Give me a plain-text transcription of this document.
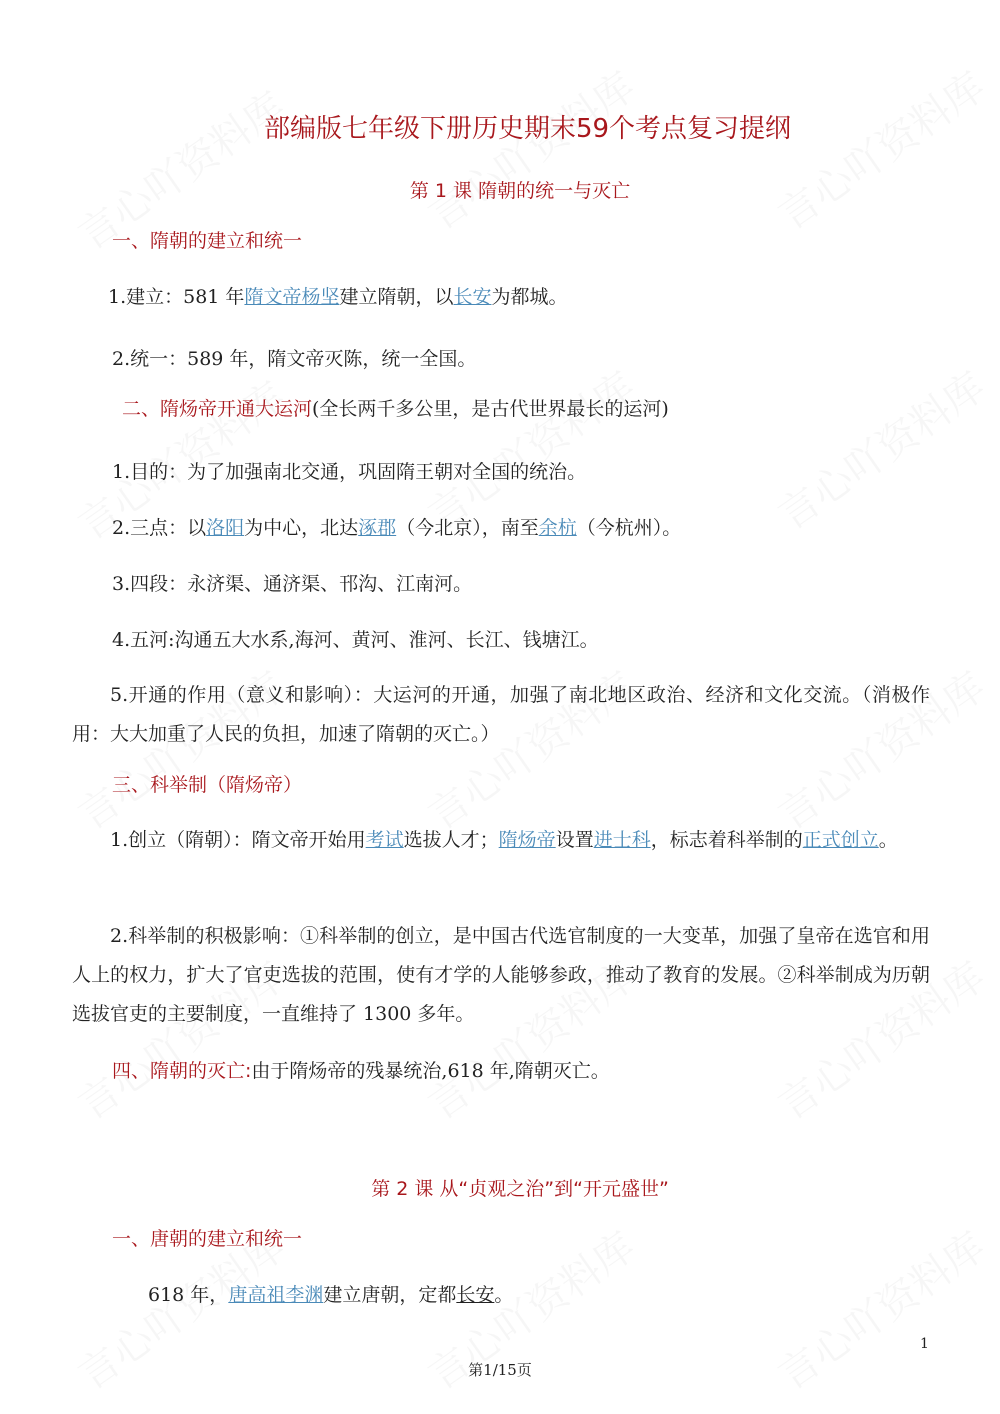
部编版七年级下册历史期末59个考点复习提纲
第 1 课 隋朝的统一与灭亡
一、隋朝的建立和统一
1.建立：581 年隋文帝杨坚建立隋朝，以长安为都城。
2.统一：589 年，隋文帝灭陈，统一全国。
二、隋炀帝开通大运河(全长两千多公里，是古代世界最长的运河)
1.目的：为了加强南北交通，巩固隋王朝对全国的统治。
2.三点：以洛阳为中心，北达涿郡（今北京），南至余杭（今杭州）。
3.四段：永济渠、通济渠、邗沟、江南河。
4.五河:沟通五大水系,海河、黄河、淮河、长江、钱塘江。
5.开通的作用（意义和影响）：大运河的开通，加强了南北地区政治、经济和文化交流。（消极作用：大大加重了人民的负担，加速了隋朝的灭亡。）
三、科举制（隋炀帝）
1.创立（隋朝）：隋文帝开始用考试选拔人才；隋炀帝设置进士科，标志着科举制的正式创立。
2.科举制的积极影响：①科举制的创立，是中国古代选官制度的一大变革，加强了皇帝在选官和用人上的权力，扩大了官吏选拔的范围，使有才学的人能够参政，推动了教育的发展。②科举制成为历朝选拔官吏的主要制度，一直维持了 1300 多年。
四、隋朝的灭亡:由于隋炀帝的残暴统治,618 年,隋朝灭亡。
第 2 课 从“贞观之治”到“开元盛世”
一、唐朝的建立和统一
618 年，唐高祖李渊建立唐朝，定都长安。
1
第1/15页
